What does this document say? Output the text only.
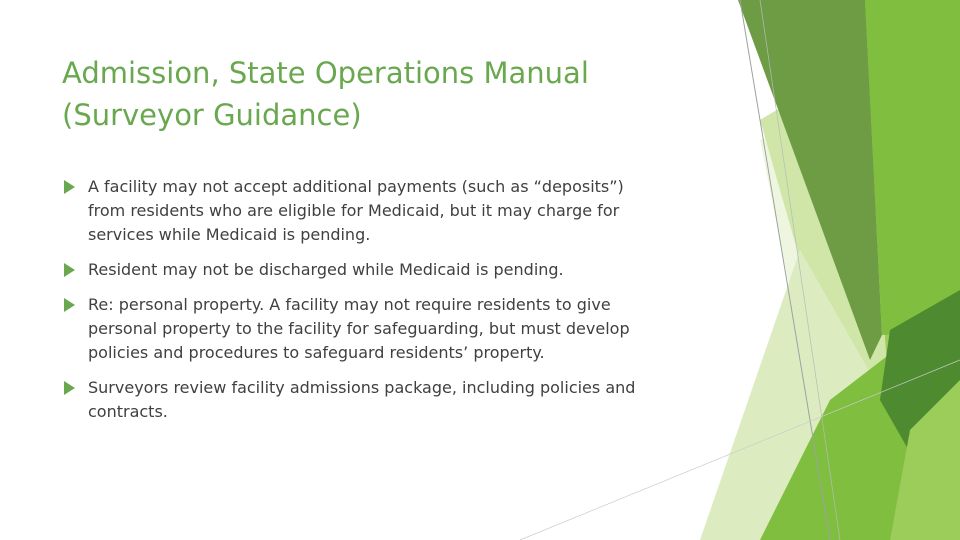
Admission, State Operations Manual
(Surveyor Guidance)
A facility may not accept additional payments (such as “deposits”)
from residents who are eligible for Medicaid, but it may charge for
services while Medicaid is pending.
Resident may not be discharged while Medicaid is pending.
Re: personal property. A facility may not require residents to give
personal property to the facility for safeguarding, but must develop
policies and procedures to safeguard residents’ property.
Surveyors review facility admissions package, including policies and
contracts.
